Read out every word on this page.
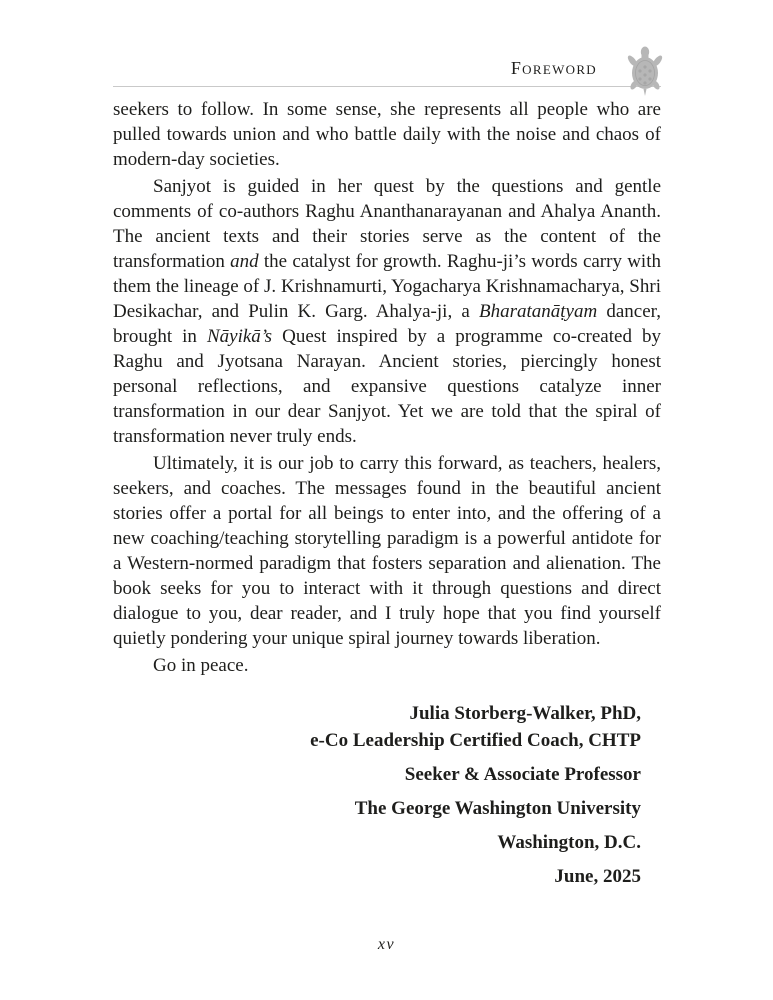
Foreword

seekers to follow. In some sense, she represents all people who are pulled towards union and who battle daily with the noise and chaos of modern-day societies.

Sanjyot is guided in her quest by the questions and gentle comments of co-authors Raghu Ananthanarayanan and Ahalya Ananth. The ancient texts and their stories serve as the content of the transformation and the catalyst for growth. Raghu-ji’s words carry with them the lineage of J. Krishnamurti, Yogacharya Krishnamacharya, Shri Desikachar, and Pulin K. Garg. Ahalya-ji, a Bharatanāṭyam dancer, brought in Nāyikā’s Quest inspired by a programme co-created by Raghu and Jyotsana Narayan. Ancient stories, piercingly honest personal reflections, and expansive questions catalyze inner transformation in our dear Sanjyot. Yet we are told that the spiral of transformation never truly ends.

Ultimately, it is our job to carry this forward, as teachers, healers, seekers, and coaches. The messages found in the beautiful ancient stories offer a portal for all beings to enter into, and the offering of a new coaching/teaching storytelling paradigm is a powerful antidote for a Western-normed paradigm that fosters separation and alienation. The book seeks for you to interact with it through questions and direct dialogue to you, dear reader, and I truly hope that you find yourself quietly pondering your unique spiral journey towards liberation.

Go in peace.

Julia Storberg-Walker, PhD,
e-Co Leadership Certified Coach, CHTP
Seeker & Associate Professor
The George Washington University
Washington, D.C.
June, 2025
xv
